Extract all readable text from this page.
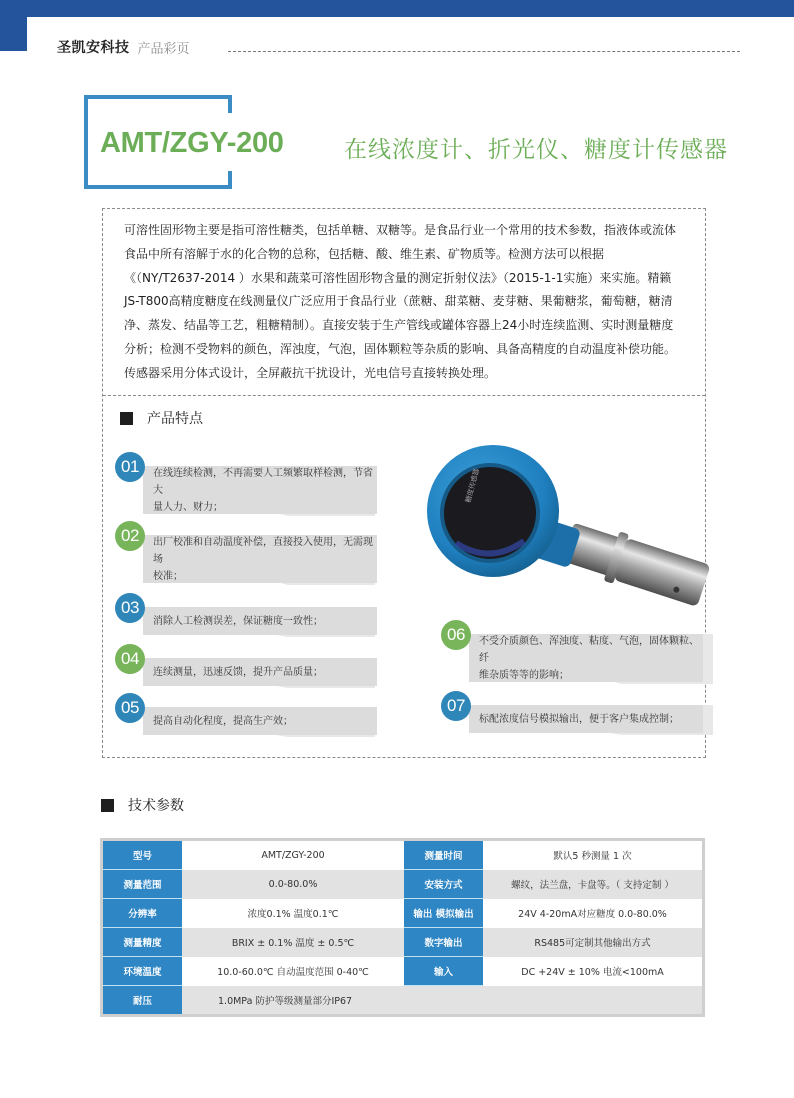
圣凯安科技 产品彩页
AMT/ZGY-200	在线浓度计、折光仪、糖度计传感器
可溶性固形物主要是指可溶性糖类，包括单糖、双糖等。是食品行业一个常用的技术参数，指液体或流体
食品中所有溶解于水的化合物的总称，包括糖、酸、维生素、矿物质等。检测方法可以根据
《（NY/T2637-2014 ）水果和蔬菜可溶性固形物含量的测定折射仪法》（2015-1-1实施）来实施。精籁
JS-T800高精度糖度在线测量仪广泛应用于食品行业（蔗糖、甜菜糖、麦芽糖、果葡糖浆，葡萄糖，糖清
净、蒸发、结晶等工艺，粗糖精制）。直接安装于生产管线或罐体容器上24小时连续监测、实时测量糖度
分析；检测不受物料的颜色，浑浊度，气泡，固体颗粒等杂质的影响、具备高精度的自动温度补偿功能。
传感器采用分体式设计，全屏蔽抗干扰设计，光电信号直接转换处理。
产品特点
01	在线连续检测，不再需要人工频繁取样检测，节省大
量人力、财力；
02	出厂校准和自动温度补偿，直接投入使用，无需现场
校准；
03
消除人工检测误差，保证糖度一致性；
04
连续测量，迅速反馈，提升产品质量；
05
提高自动化程度，提高生产效；
06	不受介质颜色、浑浊度、粘度、气泡，固体颗粒、纤
维杂质等等的影响；
07
标配浓度信号模拟输出，便于客户集成控制；
糖度传感器
技术参数
型号	AMT/ZGY-200	测量时间	默认5 秒测量 1 次
测量范围	0.0-80.0%	安装方式	螺纹，法兰盘，卡盘等。（ 支持定制 ）
分辨率	浓度0.1% 温度0.1℃	输出 模拟输出	24V 4-20mA对应糖度 0.0-80.0%
测量精度	BRIX ± 0.1% 温度 ± 0.5℃	数字输出	RS485可定制其他输出方式
环境温度	10.0-60.0℃ 自动温度范围 0-40℃	输入	DC +24V ± 10% 电流<100mA
耐压	1.0MPa 防护等级测量部分IP67		
